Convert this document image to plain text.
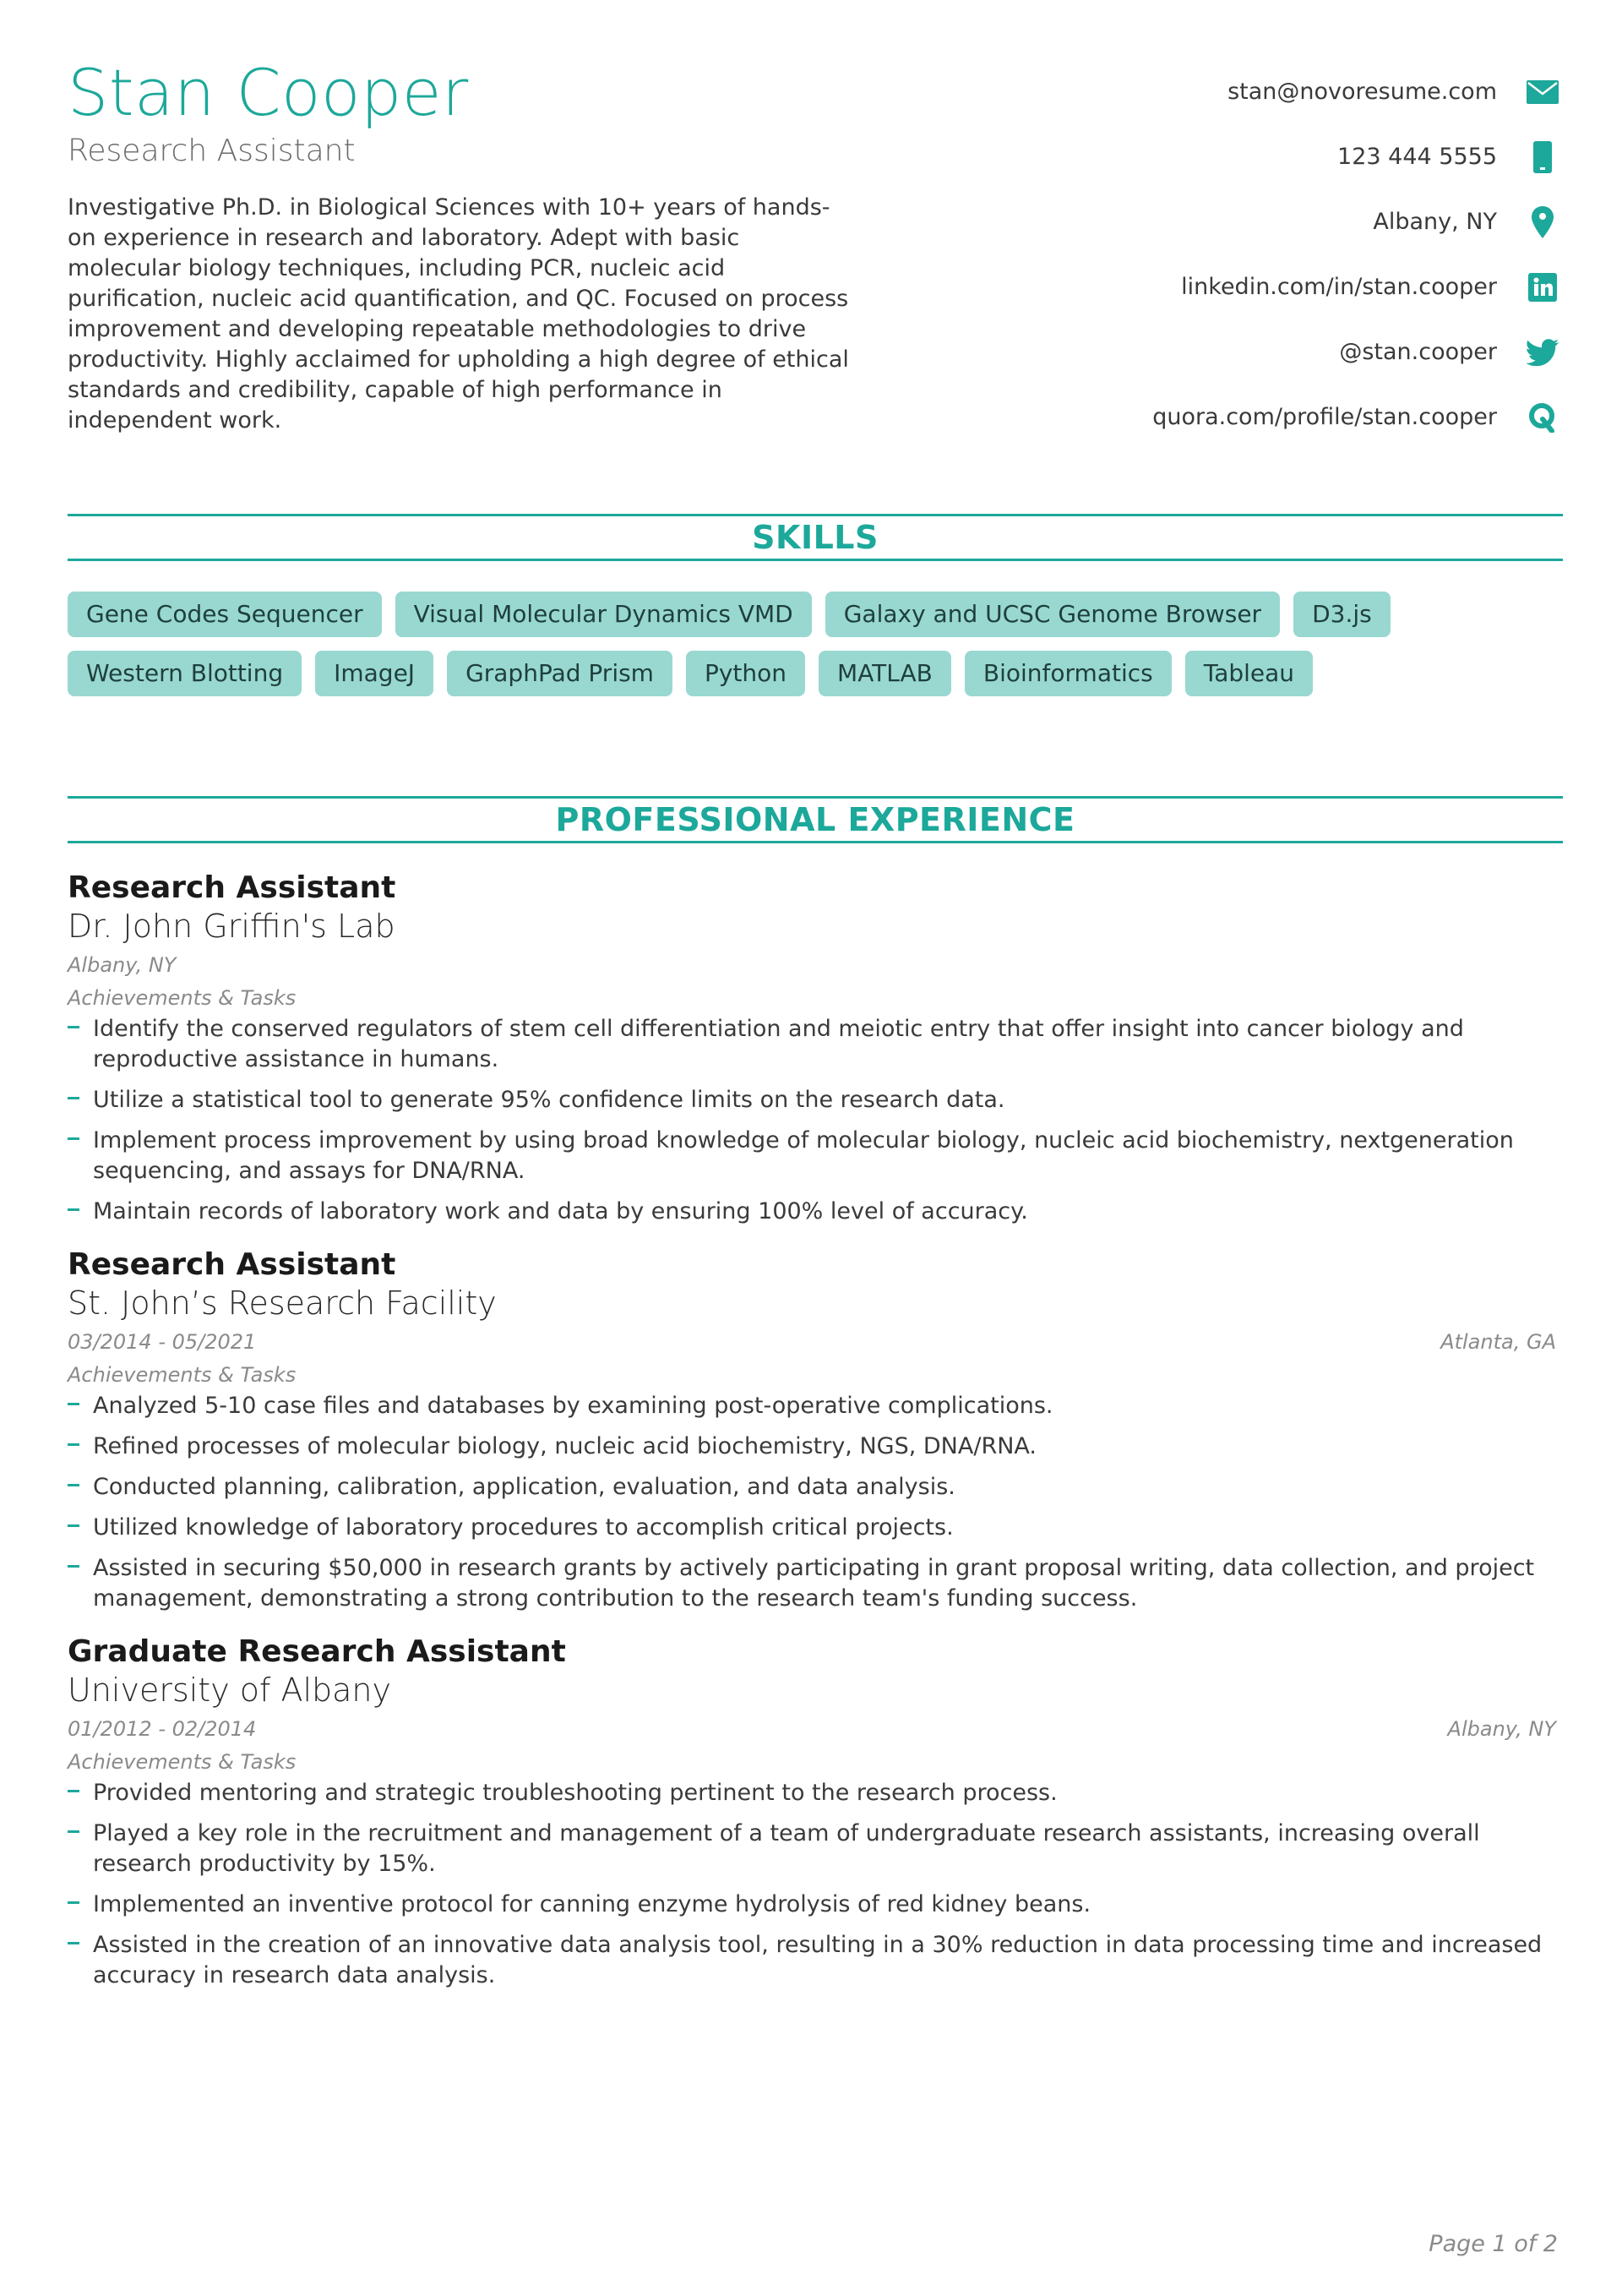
Stan Cooper
Research Assistant
Investigative Ph.D. in Biological Sciences with 10+ years of hands-on experience in research and laboratory. Adept with basic molecular biology techniques, including PCR, nucleic acid purification, nucleic acid quantification, and QC. Focused on process improvement and developing repeatable methodologies to drive productivity. Highly acclaimed for upholding a high degree of ethical standards and credibility, capable of high performance in independent work.
stan@novoresume.com
123 444 5555
Albany, NY
linkedin.com/in/stan.cooper
@stan.cooper
quora.com/profile/stan.cooper
SKILLS
Gene Codes Sequencer	Visual Molecular Dynamics VMD	Galaxy and UCSC Genome Browser	D3.js
Western Blotting	ImageJ	GraphPad Prism	Python	MATLAB	Bioinformatics	Tableau
PROFESSIONAL EXPERIENCE
Research Assistant
Dr. John Griffin's Lab
Albany, NY
Achievements & Tasks
Identify the conserved regulators of stem cell differentiation and meiotic entry that offer insight into cancer biology and reproductive assistance in humans.
Utilize a statistical tool to generate 95% confidence limits on the research data.
Implement process improvement by using broad knowledge of molecular biology, nucleic acid biochemistry, nextgeneration sequencing, and assays for DNA/RNA.
Maintain records of laboratory work and data by ensuring 100% level of accuracy.
Research Assistant
St. John’s Research Facility
03/2014 - 05/2021	Atlanta, GA
Achievements & Tasks
Analyzed 5-10 case files and databases by examining post-operative complications.
Refined processes of molecular biology, nucleic acid biochemistry, NGS, DNA/RNA.
Conducted planning, calibration, application, evaluation, and data analysis.
Utilized knowledge of laboratory procedures to accomplish critical projects.
Assisted in securing $50,000 in research grants by actively participating in grant proposal writing, data collection, and project management, demonstrating a strong contribution to the research team's funding success.
Graduate Research Assistant
University of Albany
01/2012 - 02/2014	Albany, NY
Achievements & Tasks
Provided mentoring and strategic troubleshooting pertinent to the research process.
Played a key role in the recruitment and management of a team of undergraduate research assistants, increasing overall research productivity by 15%.
Implemented an inventive protocol for canning enzyme hydrolysis of red kidney beans.
Assisted in the creation of an innovative data analysis tool, resulting in a 30% reduction in data processing time and increased accuracy in research data analysis.
Page 1 of 2
